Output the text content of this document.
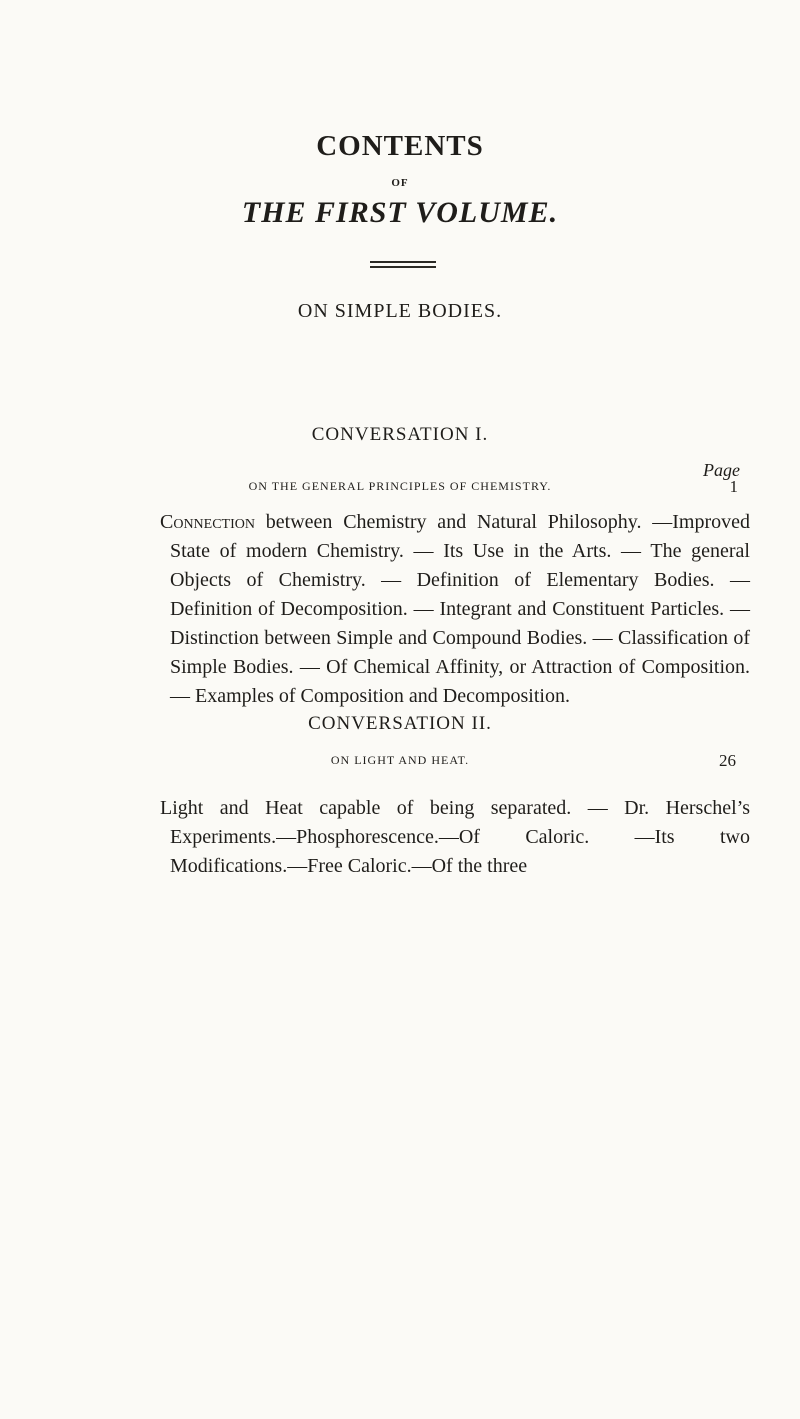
CONTENTS
OF
THE FIRST VOLUME.
ON SIMPLE BODIES.
CONVERSATION I.
Page
ON THE GENERAL PRINCIPLES OF CHEMISTRY.	1
Connection between Chemistry and Natural Philosophy. —Improved State of modern Chemistry. — Its Use in the Arts. — The general Objects of Chemistry. — Definition of Elementary Bodies. — Definition of Decomposition. — Integrant and Constituent Particles. — Distinction between Simple and Compound Bodies. — Classification of Simple Bodies. — Of Chemical Affinity, or Attraction of Composition. — Examples of Composition and Decomposition.
CONVERSATION II.
ON LIGHT AND HEAT.	26
Light and Heat capable of being separated. — Dr. Herschel’s Experiments.—Phosphorescence.—Of Caloric. —Its two Modifications.—Free Caloric.—Of the three
